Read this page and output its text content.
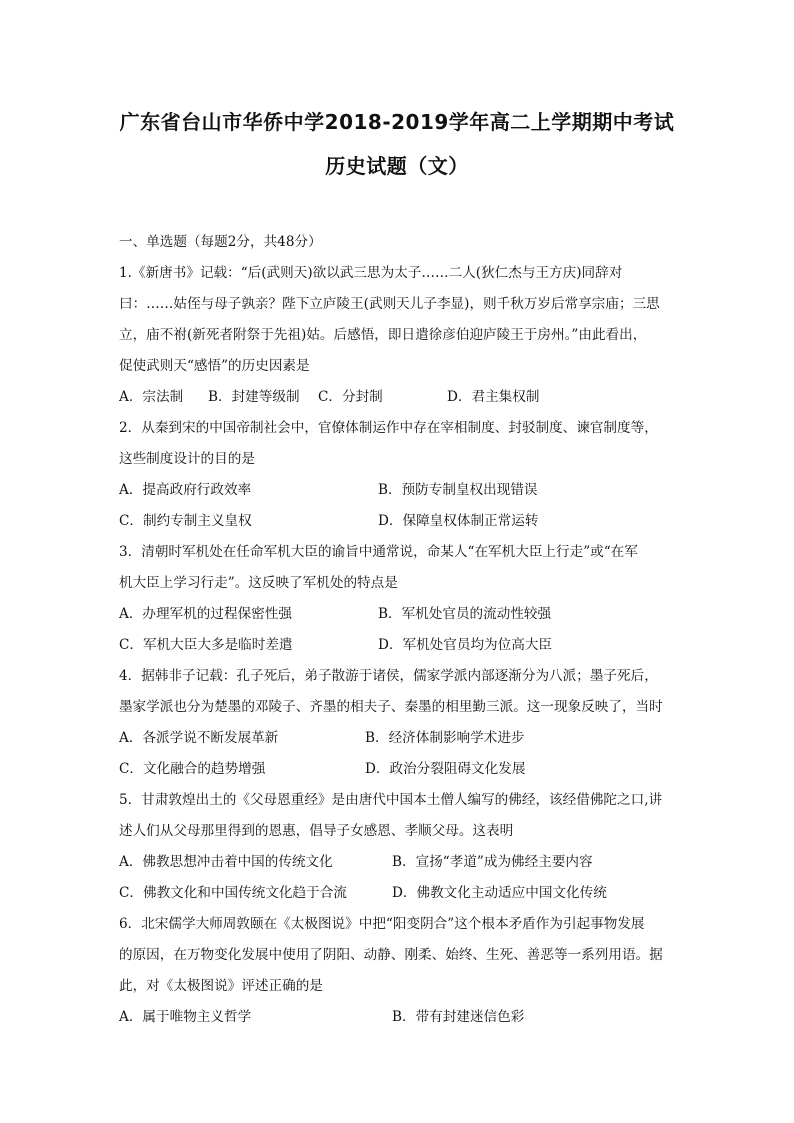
广东省台山市华侨中学2018-2019学年高二上学期期中考试
历史试题（文）
一、单选题（每题2分，共48分）
1.《新唐书》记载：“后(武则天)欲以武三思为太子……二人(狄仁杰与王方庆)同辞对
曰：……姑侄与母子孰亲？陛下立庐陵王(武则天儿子李显)，则千秋万岁后常享宗庙；三思
立，庙不祔(新死者附祭于先祖)姑。后感悟，即日遣徐彦伯迎庐陵王于房州。”由此看出，
促使武则天“感悟”的历史因素是
A．宗法制 B．封建等级制 C．分封制	D．君主集权制
2．从秦到宋的中国帝制社会中，官僚体制运作中存在宰相制度、封驳制度、谏官制度等，
这些制度设计的目的是
A．提高政府行政效率	B．预防专制皇权出现错误
C．制约专制主义皇权	D．保障皇权体制正常运转
3．清朝时军机处在任命军机大臣的谕旨中通常说，命某人“在军机大臣上行走”或“在军
机大臣上学习行走”。这反映了军机处的特点是
A．办理军机的过程保密性强	B．军机处官员的流动性较强
C．军机大臣大多是临时差遣	D．军机处官员均为位高大臣
4．据韩非子记载：孔子死后，弟子散游于诸侯，儒家学派内部逐渐分为八派；墨子死后，
墨家学派也分为楚墨的邓陵子、齐墨的相夫子、秦墨的相里勤三派。这一现象反映了，当时
A．各派学说不断发展革新	B．经济体制影响学术进步
C．文化融合的趋势增强	D．政治分裂阻碍文化发展
5．甘肃敦煌出土的《父母恩重经》是由唐代中国本土僧人编写的佛经，该经借佛陀之口,讲
述人们从父母那里得到的恩惠，倡导子女感恩、孝顺父母。这表明
A．佛教思想冲击着中国的传统文化	B．宣扬“孝道”成为佛经主要内容
C．佛教文化和中国传统文化趋于合流	D．佛教文化主动适应中国文化传统
6．北宋儒学大师周敦颐在《太极图说》中把“阳变阴合”这个根本矛盾作为引起事物发展
的原因，在万物变化发展中使用了阴阳、动静、刚柔、始终、生死、善恶等一系列用语。据
此，对《太极图说》评述正确的是
A．属于唯物主义哲学	B．带有封建迷信色彩
